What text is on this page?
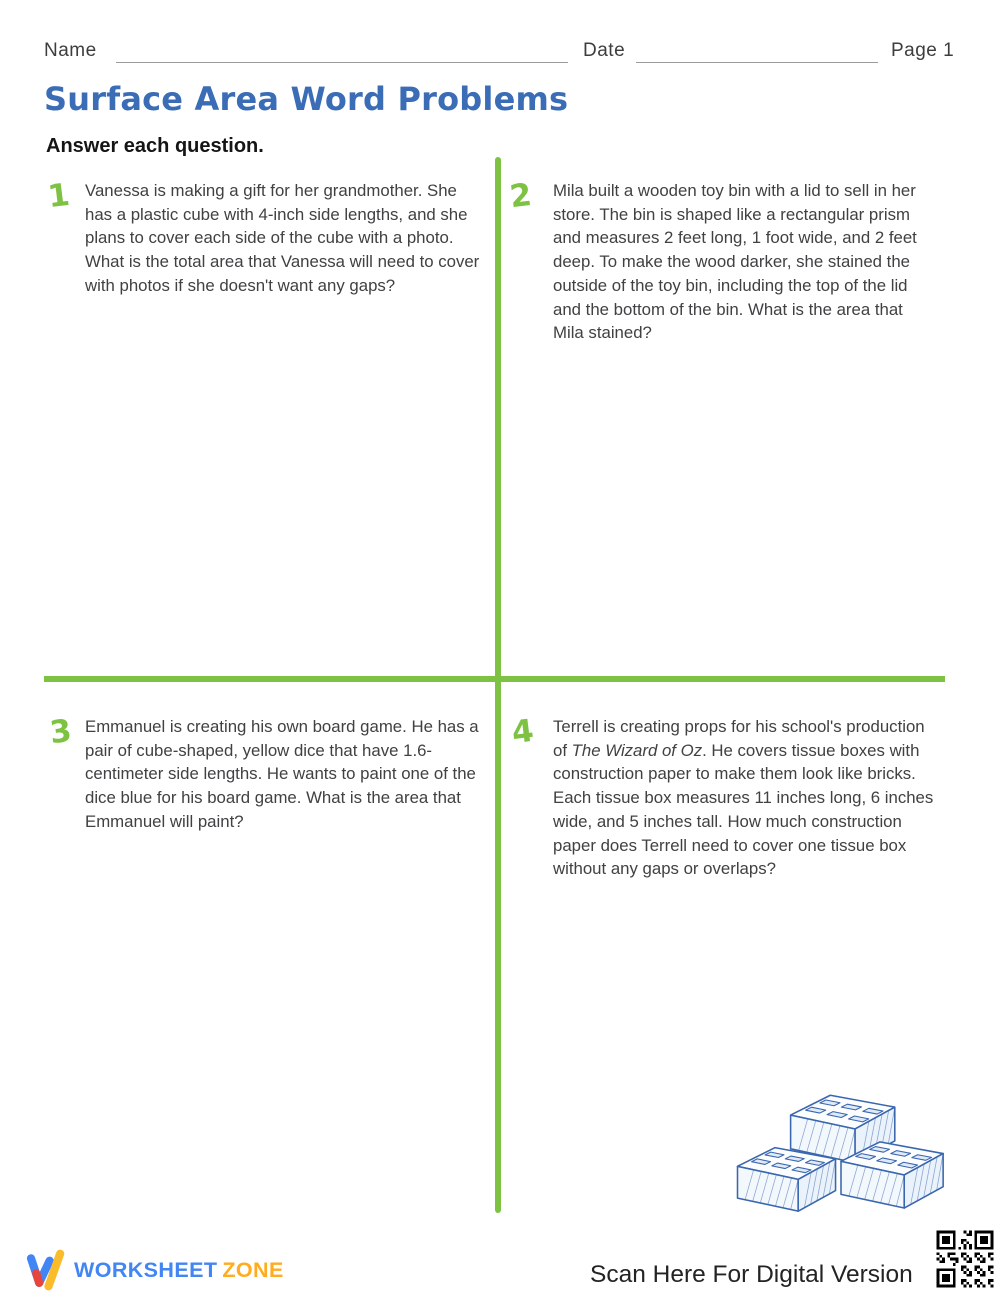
Name	Date	Page 1
Surface Area Word Problems
Answer each question.
1 Vanessa is making a gift for her grandmother. She has a plastic cube with 4-inch side lengths, and she plans to cover each side of the cube with a photo. What is the total area that Vanessa will need to cover with photos if she doesn't want any gaps?
2 Mila built a wooden toy bin with a lid to sell in her store. The bin is shaped like a rectangular prism and measures 2 feet long, 1 foot wide, and 2 feet deep. To make the wood darker, she stained the outside of the toy bin, including the top of the lid and the bottom of the bin. What is the area that Mila stained?
3 Emmanuel is creating his own board game. He has a pair of cube-shaped, yellow dice that have 1.6-centimeter side lengths. He wants to paint one of the dice blue for his board game. What is the area that Emmanuel will paint?
4 Terrell is creating props for his school's production of The Wizard of Oz. He covers tissue boxes with construction paper to make them look like bricks. Each tissue box measures 11 inches long, 6 inches wide, and 5 inches tall. How much construction paper does Terrell need to cover one tissue box without any gaps or overlaps?
WORKSHEET ZONE	Scan Here For Digital Version
